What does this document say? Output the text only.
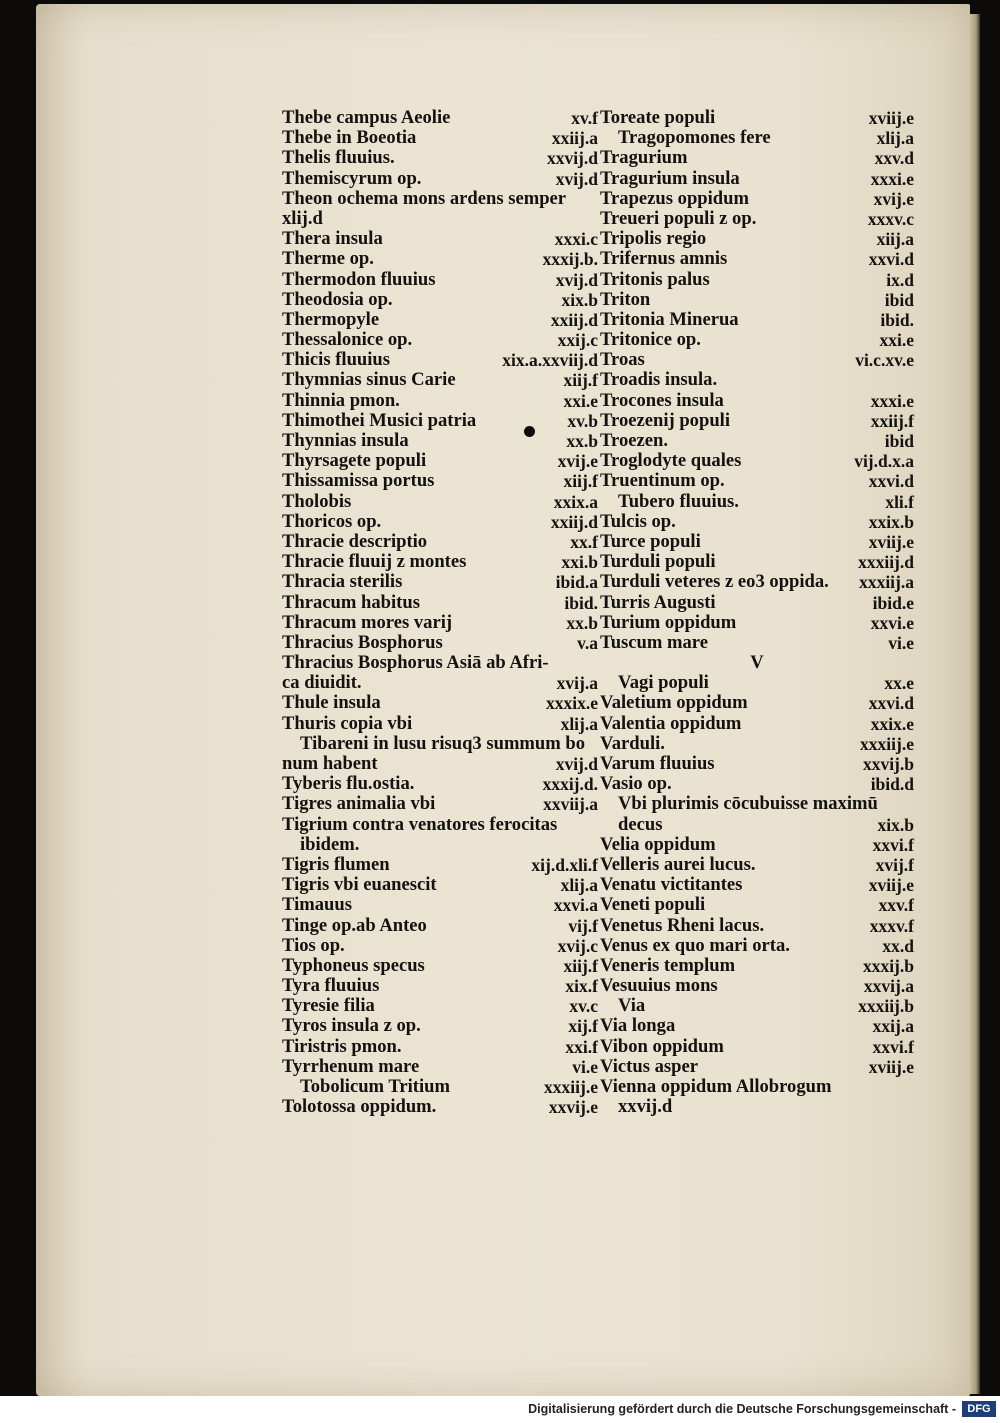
Thebe campus Aeolie	xv.f
Thebe in Boeotia	xxiij.a
Thelis fluuius.	xxvij.d
Themiscyrum op.	xvij.d
Theon ochema mons ardens semper
xlij.d
Thera insula	xxxi.c
Therme op.	xxxij.b.
Thermodon fluuius	xvij.d
Theodosia op.	xix.b
Thermopyle	xxiij.d
Thessalonice op.	xxij.c
Thicis fluuius	xix.a.xxviij.d
Thymnias sinus Carie	xiij.f
Thinnia pmon.	xxi.e
Thimothei Musici patria	xv.b
Thynnias insula	xx.b
Thyrsagete populi	xvij.e
Thissamissa portus	xiij.f
Tholobis	xxix.a
Thoricos op.	xxiij.d
Thracie descriptio	xx.f
Thracie fluuij z montes	xxi.b
Thracia sterilis	ibid.a
Thracum habitus	ibid.
Thracum mores varij	xx.b
Thracius Bosphorus	v.a
Thracius Bosphorus Asiā ab Afri-
ca diuidit.	xvij.a
Thule insula	xxxix.e
Thuris copia vbi	xlij.a
Tibareni in lusu risuq3 summum bo
num habent	xvij.d
Tyberis flu.ostia.	xxxij.d.
Tigres animalia vbi	xxviij.a
Tigrium contra venatores ferocitas
ibidem.
Tigris flumen	xij.d.xli.f
Tigris vbi euanescit	xlij.a
Timauus	xxvi.a
Tinge op.ab Anteo	vij.f
Tios op.	xvij.c
Typhoneus specus	xiij.f
Tyra fluuius	xix.f
Tyresie filia	xv.c
Tyros insula z op.	xij.f
Tiristris pmon.	xxi.f
Tyrrhenum mare	vi.e
Tobolicum Tritium	xxxiij.e
Tolotossa oppidum.	xxvij.e
Toreate populi	xviij.e
Tragopomones fere	xlij.a
Tragurium	xxv.d
Tragurium insula	xxxi.e
Trapezus oppidum	xvij.e
Treueri populi z op.	xxxv.c
Tripolis regio	xiij.a
Trifernus amnis	xxvi.d
Tritonis palus	ix.d
Triton	ibid
Tritonia Minerua	ibid.
Tritonice op.	xxi.e
Troas	vi.c.xv.e
Troadis insula.
Trocones insula	xxxi.e
Troezenij populi	xxiij.f
Troezen.	ibid
Troglodyte quales	vij.d.x.a
Truentinum op.	xxvi.d
Tubero fluuius.	xli.f
Tulcis op.	xxix.b
Turce populi	xviij.e
Turduli populi	xxxiij.d
Turduli veteres z eo3 oppida. xxxiij.a
Turris Augusti	ibid.e
Turium oppidum	xxvi.e
Tuscum mare	vi.e
V
Vagi populi	xx.e
Valetium oppidum	xxvi.d
Valentia oppidum	xxix.e
Varduli.	xxxiij.e
Varum fluuius	xxvij.b
Vasio op.	ibid.d
Vbi plurimis cōcubuisse maximū
decus	xix.b
Velia oppidum	xxvi.f
Velleris aurei lucus.	xvij.f
Venatu victitantes	xviij.e
Veneti populi	xxv.f
Venetus Rheni lacus.	xxxv.f
Venus ex quo mari orta.	xx.d
Veneris templum	xxxij.b
Vesuuius mons	xxvij.a
Via	xxxiij.b
Via longa	xxij.a
Vibon oppidum	xxvi.f
Victus asper	xviij.e
Vienna oppidum Allobrogum
xxvij.d
Digitalisierung gefördert durch die Deutsche Forschungsgemeinschaft -	DFG
